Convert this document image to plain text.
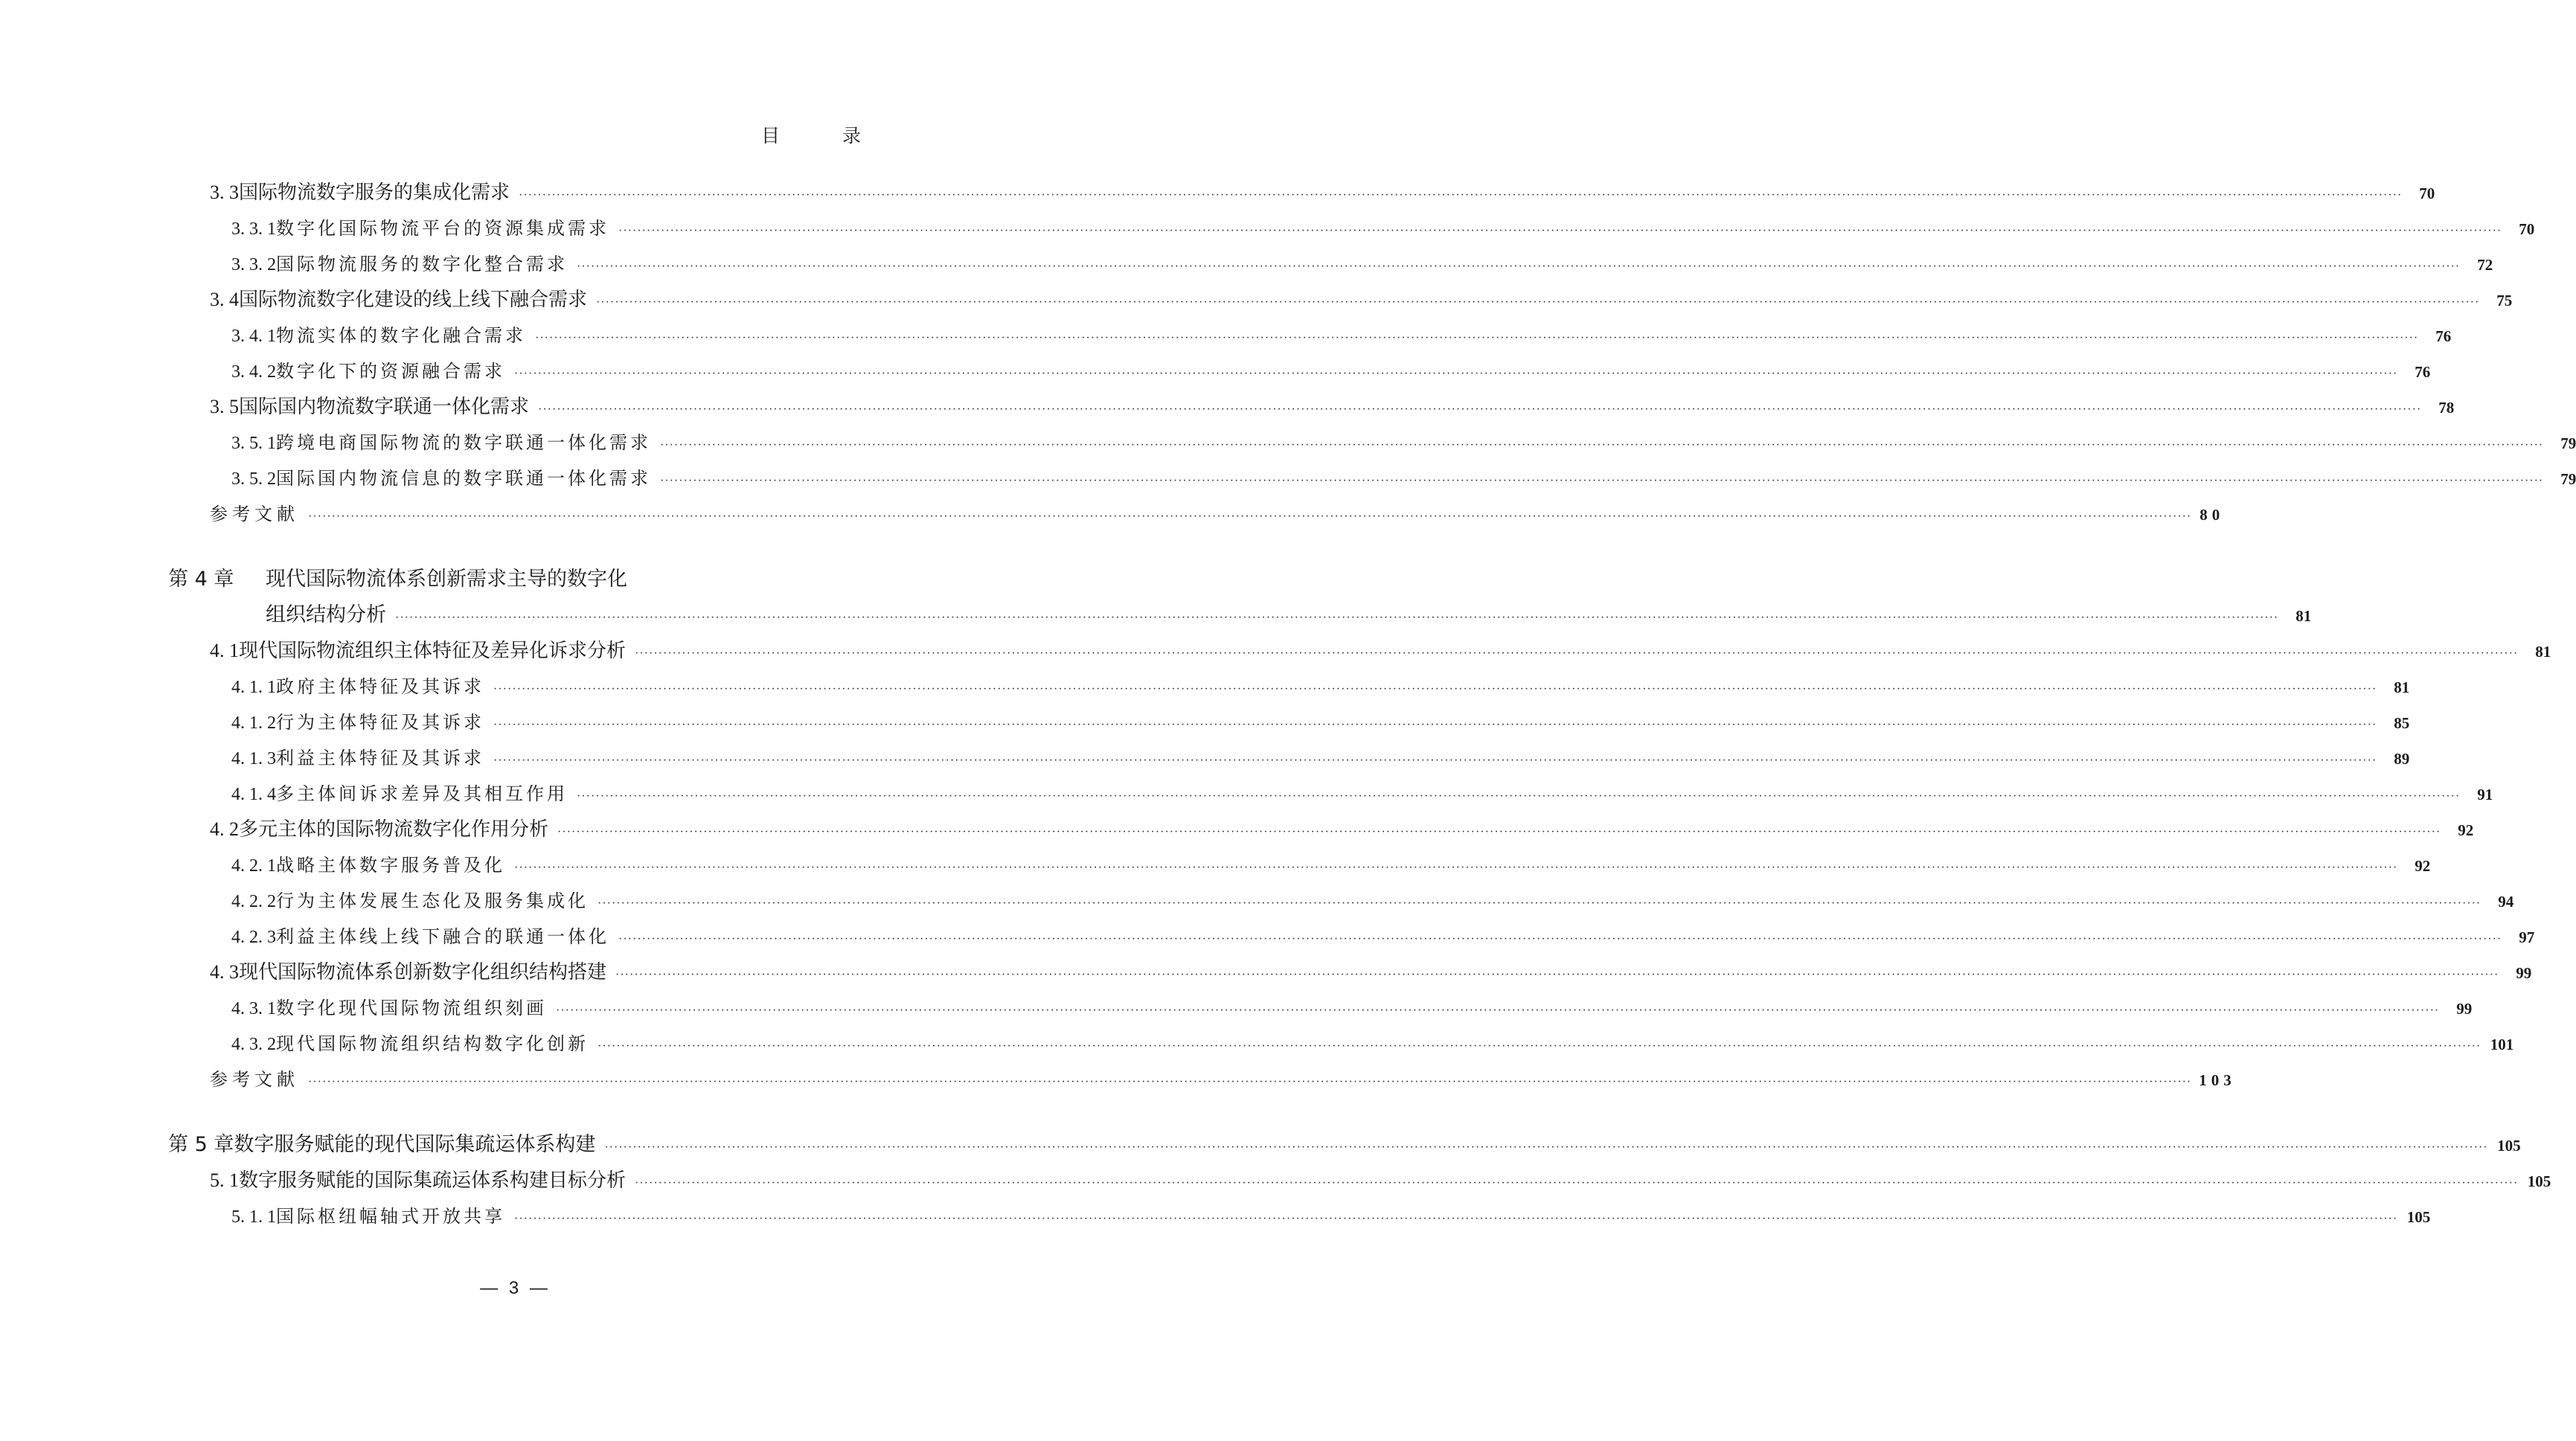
目 录
3. 3 国际物流数字服务的集成化需求 ················································································································································································································································································································································································································	70
3. 3. 1 数字化国际物流平台的资源集成需求 ················································································································································································································································································································································································································	70
3. 3. 2 国际物流服务的数字化整合需求 ················································································································································································································································································································································································································	72
3. 4 国际物流数字化建设的线上线下融合需求 ················································································································································································································································································································································································································	75
3. 4. 1 物流实体的数字化融合需求 ················································································································································································································································································································································································································	76
3. 4. 2 数字化下的资源融合需求 ················································································································································································································································································································································································································	76
3. 5 国际国内物流数字联通一体化需求 ················································································································································································································································································································································································································	78
3. 5. 1 跨境电商国际物流的数字联通一体化需求 ················································································································································································································································································································································································································	79
3. 5. 2 国际国内物流信息的数字联通一体化需求 ················································································································································································································································································································································································································	79
参考文献 ················································································································································································································································································································································································································ 80
第 4 章 现代国际物流体系创新需求主导的数字化
组织结构分析 ················································································································································································································································································································································································································	81
4. 1 现代国际物流组织主体特征及差异化诉求分析 ················································································································································································································································································································································································································	81
4. 1. 1 政府主体特征及其诉求 ················································································································································································································································································································································································································	81
4. 1. 2 行为主体特征及其诉求 ················································································································································································································································································································································································································	85
4. 1. 3 利益主体特征及其诉求 ················································································································································································································································································································································································································	89
4. 1. 4 多主体间诉求差异及其相互作用 ················································································································································································································································································································································································································	91
4. 2 多元主体的国际物流数字化作用分析 ················································································································································································································································································································································································································	92
4. 2. 1 战略主体数字服务普及化 ················································································································································································································································································································································································································	92
4. 2. 2 行为主体发展生态化及服务集成化 ················································································································································································································································································································································································································	94
4. 2. 3 利益主体线上线下融合的联通一体化 ················································································································································································································································································································································································································	97
4. 3 现代国际物流体系创新数字化组织结构搭建 ················································································································································································································································································································································································································	99
4. 3. 1 数字化现代国际物流组织刻画 ················································································································································································································································································································································································································	99
4. 3. 2 现代国际物流组织结构数字化创新 ················································································································································································································································································································································································································ 101
参考文献 ················································································································································································································································································································································································································ 103
第 5 章 数字服务赋能的现代国际集疏运体系构建 ················································································································································································································································································································································································································ 105
5. 1 数字服务赋能的国际集疏运体系构建目标分析 ················································································································································································································································································································································································································ 105
5. 1. 1 国际枢纽幅轴式开放共享 ················································································································································································································································································································································································································ 105
— 3 —
